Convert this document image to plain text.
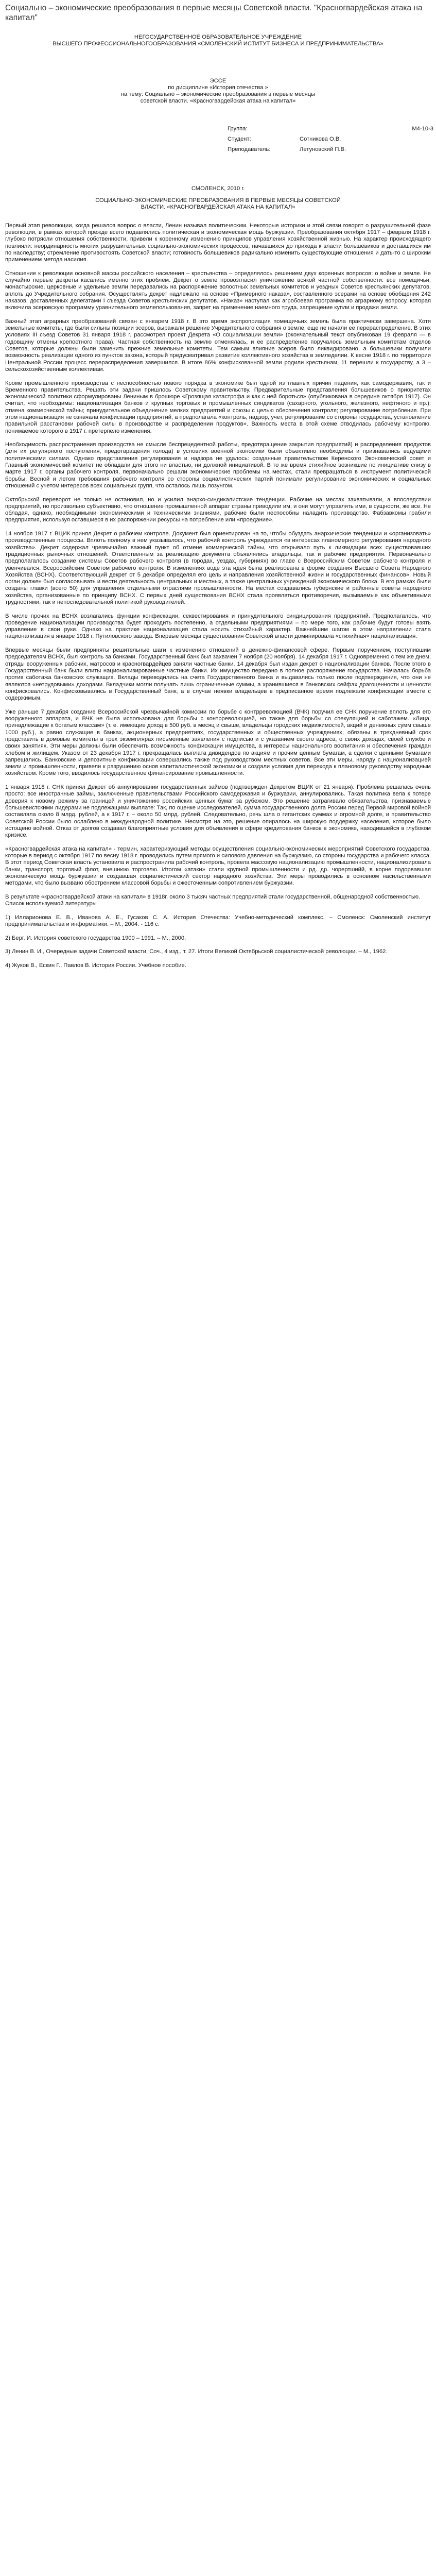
Социально – экономические преобразования в первые месяцы Советской власти. "Красногвардейская атака на капитал"

НЕГОСУДАРСТВЕННОЕ ОБРАЗОВАТЕЛЬНОЕ УЧРЕЖДЕНИЕ

ВЫСШЕГО ПРОФЕССИОНАЛЬНОГООБРАЗОВАНИЯ «СМОЛЕНСКИЙ ИСТИТУТ БИЗНЕСА И ПРЕДПРИНИМАТЕЛЬСТВА»

ЭССЕ

по дисциплине «История отечества »

на тему: Социально – экономические преобразования в первые месяцы

советской власти. «Красногвардейская атака на капитал»

Группа:	М4-10-3
Студент:	Сотникова О.В.
Преподаватель:	Летуновский П.В.

СМОЛЕНСК, 2010 г.

СОЦИАЛЬНО-ЭКОНОМИЧЕСКИЕ ПРЕОБРАЗОВАНИЯ В ПЕРВЫЕ МЕСЯЦЫ СОВЕТСКОЙ
ВЛАСТИ. «КРАСНОГВАРДЕЙСКАЯ АТАКА НА КАПИТАЛ»

Первый этап революции, когда решался вопрос о власти, Ленин называл политическим. Некоторые историки и этой связи говорят о разрушительной фазе революции, в рамках которой прежде всего подавлялись политическая и экономическая мощь буржуазии. Преобразования октября 1917 – февраля 1918 г. глубоко потрясли отношения собственности, привели к коренному изменению принципов управления хозяйственной жизнью. На характер происходящего повлияли: неординарность многих разрушительных социально-экономических процессов, начавшихся до прихода к власти большевиков и доставшихся им по наследству; стремление противостоять Советской власти; готовность большевиков радикально изменить существующие отношения и дать-то с широким применением метода насилия.

Отношение к революции основной массы российского населения – крестьянства – определялось решением двух коренных вопросов: о войне и земле. Не случайно первые декреты касались именно этих проблем. Декрет о земле провозгласил уничтожение всякой частной собственности: все помещичьи, монастырские, церковные и удельные земли передавались на распоряжение волостных земельных комитетов и уездных Советов крестьянских депутатов, вплоть до Учредительного собрания. Осуществлять декрет надлежало на основе «Примерного наказа», составленного эсерами на основе обобщения 242 наказов, доставленных делегатами I съезда Советов крестьянских депутатов. «Наказ» наступал как агробоевая программа по аграрному вопросу, которая включила эсеровскую программу уравнительного землепользования, запрет на применение наемного труда, запрещение купли и продажи земли.

Важный этап аграрных преобразований связан с январем 1918 г. В это время экспроприация помещичьих земель была практически завершена. Хотя земельные комитеты, где были сильны позиции эсеров, выражали решение Учредительного собрания о земле, еще не начали ее перераспределение. В этих условиях III съезд Советов 31 января 1918 г. рассмотрел проект Декрета «О социализации земли» (окончательный текст опубликован 19 февраля — в годовщину отмены крепостного права). Частная собственность на землю отменялась, и ее распределение поручалось земельным комитетам отделов Советов, которые должны были заменить прежние земельные комитеты. Тем самым влияние эсеров было ликвидировано, а большевики получили возможность реализации одного из пунктов закона, который предусматривал развитие коллективного хозяйства в земледелии. К весне 1918 г. по территории Центральной России процесс перераспределения завершился. В итоге 86% конфискованной земли родили крестьянам, 11 перешли к государству, а 3 – сельскохозяйственным коллективам.

Кроме промышленного производства с неспособностью нового порядка в экономике был одной из главных причин падения, как самодержавия, так и Временного правительства. Решать эти задачи пришлось Советскому правительству. Предварительные представления большевиков о приоритетах экономической политики сформулированы Лениным в брошюре «Грозящая катастрофа и как с ней бороться» (опубликована в середине октября 1917). Он считал, что необходимы: национализация банков и крупных торговых и промышленных синдикатов (сахарного, угольного, железного, нефтяного и пр.); отмена коммерческой тайны; принудительное объединение мелких предприятий и союзы с целью обеспечения контроля; регулирование потребления. При этом национализация не означала конфискации предприятий, а предполагала «контроль, надзор, учет, регулирование со стороны государства, установление правильной расстановки рабочей силы в производстве и распределении продуктов». Важность места в этой схеме отводилась рабочему контролю, понимаемое которого в 1917 г. претерпело изменения.

Необходимость распространения производства не смысле беспрецедентной работы, предотвращение закрытия предприятий) и распределения продуктов (для их регулярного поступления, предотвращения голода) в условиях военной экономики были объективно необходимы и признавались ведущими политическими силами. Однако представления регулирования и надзора не удалось: созданные правительством Керенского Экономический совет и Главный экономический комитет не обладали для этого ни властью, ни должной инициативой. В то же время стихийное возникшие по инициативе снизу в марте 1917 г. органы рабочего контроля, первоначально решали экономические проблемы на местах, стали превращаться в инструмент политической борьбы. Весной и летом требования рабочего контроля со стороны социалистических партий понимали регулирование экономических и социальных отношений с учетом интересов всех социальных групп, что осталось лишь лозунгом.

Октябрьской переворот не только не остановил, но и усилил анархо-синдикалистские тенденции. Рабочие на местах захватывали, а впоследствии предприятий, но произвольно субъективно, что отношение промышленной аппарат страны приводили им, и они могут управлять ими, в сущности, же все. Не обладая, однако, необходимыми экономическими и техническими знаниями, рабочие были неспособны наладить производство. Фабзавкомы грабили предприятия, используя оставшиеся в их распоряжении ресурсы на потребление или «проедание».

14 ноября 1917 г. ВЦИК принял Декрет о рабочем контроле. Документ был ориентирован на то, чтобы обуздать анархические тенденции и «организовать» производственные процессы. Вплоть полному в нем указывалось, что рабочий контроль учреждается «в интересах планомерного регулирования народного хозяйства». Декрет содержал чрезвычайно важный пункт об отмене коммерческой тайны, что открывало путь к ликвидации всех существовавших традиционных рыночных отношений. Ответственным за реализацию документа объявлялись владельцы, так и рабочие предприятия. Первоначально предполагалось создание системы Советов рабочего контроля (в городах, уездах, губерниях) во главе с Всероссийским Советом рабочего контроля и увенчивался. Всероссийским Советом рабочего контроля. В изменениях воде эта идея была реализована в форме создания Высшего Совета Народного Хозяйства (ВСНХ). Соответствующий декрет от 5 декабря определял его цель и направления хозяйственной жизни и государственных финансов». Новый орган должен был согласовывать и вести деятельность центральных и местных, а также центральных учреждений экономического блока. В его рамках были созданы главки (всего 50) для управления отдельными отраслями промышленности. На местах создавались губернские и районные советы народного хозяйства, организованные по принципу ВСНХ. С первых дней существования ВСНХ стала проявляться противоречия, вызываемые как объективными трудностями, так и непоследовательной политикой руководителей.

В числе прочих на ВСНХ возлагались функции конфискации, секвестирования и принудительного синдицирования предприятий. Предполагалось, что проведение национализации производства будет проходить постепенно, а отдельными предприятиями – по мере того, как рабочие будут готовы взять управление в свои руки. Однако на практике национализация стала носить стихийный характер. Важнейшим шагом в этом направлении стала национализация в январе 1918 г. Путиловского завода. Впервые месяцы существования Советской власти доминировала «стихийная» национализация.

Впервые месяцы были предприняты решительные шаги к изменению отношений в денежно-финансовой сфере. Первым поручением, поступившим председателям ВСНХ, был контроль за банками. Государственный банк был захвачен 7 ноября (20 ноября). 14 декабря 1917 г. Одновременно с тем же днем, отряды вооруженных рабочих, матросов и красногвардейцев заняли частные банки. 14 декабря был издан декрет о национализации банков. После этого в Государственный банк были влиты национализированные частные банки. Их имущество передано в полное распоряжение государства. Началась борьба против саботажа банковских служащих. Вклады переводились на счета Государственного банка и выдавались только после подтверждения, что они не являются «нетрудовыми» доходами. Вкладчики могли получать лишь ограниченные суммы, а хранившиеся в банковских сейфах драгоценности и ценности конфисковались. Конфисковывались в Государственный банк, а в случае неявки владельцев в предписанное время подлежали конфискации вместе с содержимым.

Уже раньше 7 декабря создание Всероссийской чрезвычайной комиссии по борьбе с контрреволюцией (ВЧК) поручил ее СНК поручение вплоть для его вооруженного аппарата, и ВЧК не была использована для борьбы с контрреволюцией, но также для борьбы со спекуляцией и саботажем. «Лица, принадлежащие к богатым классам» (т. е. имеющие доход в 500 руб. в месяц и свыше, владельцы городских недвижимостей, акций и денежных сумм свыше 1000 руб.), а равно служащие в банках, акционерных предприятиях, государственных и общественных учреждениях, обязаны в трехдневный срок представить в домовые комитеты в трех экземплярах письменные заявления с подписью и с указанием своего адреса, о своих доходах, своей службе и своих занятиях. Эти меры должны были обеспечить возможность конфискации имущества, а интересы национального воспитания и обеспечения граждан хлебом и жилищем. Указом от 23 декабря 1917 г. прекращалась выплата дивидендов по акциям и прочим ценным бумагам, а сделки с ценными бумагами запрещались. Банковские и депозитные конфискации совершались также под руководством местных советов. Все эти меры, наряду с национализацией земли и промышленности, привели к разрушению основ капиталистической экономики и создали условия для перехода к плановому руководству народным хозяйством. Кроме того, вводилось государственное финансирование промышленности.

1 января 1918 г. СНК принял Декрет об аннулировании государственных займов (подтвержден Декретом ВЦИК от 21 января). Проблема решалась очень просто: все иностранные займы, заключенные правительствами Российского самодержавия и буржуазии, аннулировались. Такая политика вела к потере доверия к новому режиму за границей и уничтожению российских ценных бумаг за рубежом. Это решение затрагивало обязательства, признаваемые большевистскими лидерами не подлежащими выплате: Так, по оценке исследователей, сумма государственного долга России перед Первой мировой войной составляла около 8 млрд. рублей, а к 1917 г. – около 50 млрд. рублей. Следовательно, речь шла о гигантских суммах и огромной долге, и правительство Советской России было ослаблено в международной политике. Несмотря на это, решение опиралось на широкую поддержку населения, которое было истощено войной. Отказ от долгов создавал благоприятные условия для объявления в сфере кредитования банков в экономике, находившейся в глубоком кризисе.

«Красногвардейская атака на капитал» - термин, характеризующий методы осуществления социально-экономических мероприятий Советского государства, которые в период с октября 1917 по весну 1918 г. проводились путем прямого и силового давления на буржуазию, со стороны государства и рабочего класса. В этот период Советская власть установила и распространила рабочий контроль, провела массовую национализацию промышленности, национализировала банки, транспорт, торговый флот, внешнюю торговлю. Итогом «атаки» стали крупной промышленности и рд. др. чорертшийй, в корне подорвавшая экономическую мощь буржуазии и создавшая социалистический сектор народного хозяйства. Эти меры проводились в основном насильственными методами, что было вызвано обострением классовой борьбы и ожесточенным сопротивлением буржуазии.

В результате «красногвардейской атаки на капитал» в 1918г. около 3 тысяч частных предприятий стали государственной, общенародной собственностью.

Список используемой литературы

1) Илларионова Е. В., Иванова А. Е., Гусаков С. А. История Отечества: Учебно-методический комплекс. – Смоленск: Смоленский институт предпринимательства и информатики. – М., 2004. - 116 с.

2) Берг. И. История советского государства 1900 – 1991. – М., 2000.

3) Ленин В. И., Очередные задачи Советской власти, Соч., 4 изд., т. 27. Итоги Великой Октябрьской социалистической революции. – М., 1962.

4) Жуков В., Ескин Г., Павлов В. История России. Учебное пособие.
